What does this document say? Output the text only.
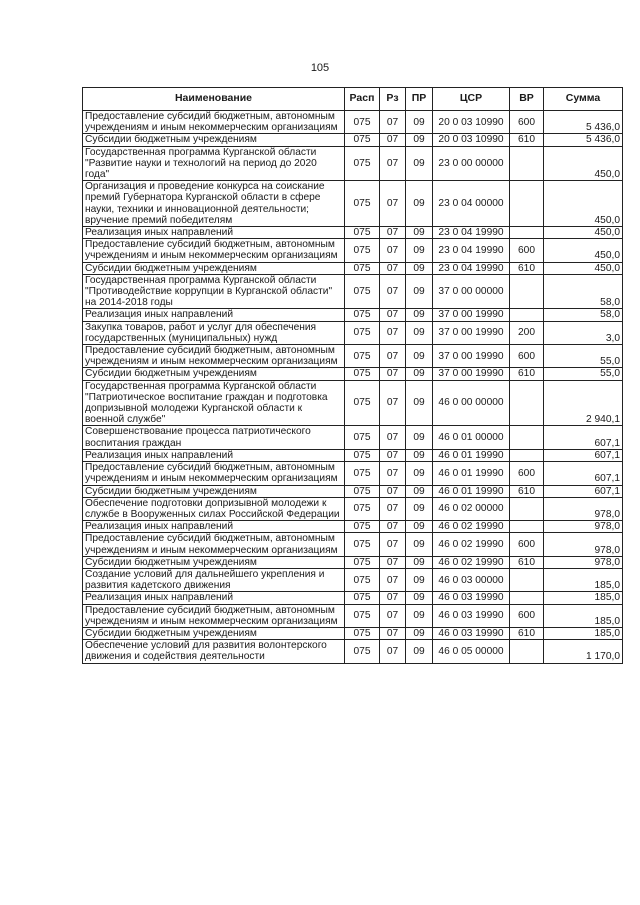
105
Наименование	Расп	Рз	ПР	ЦСР	ВР	Сумма
Предоставление субсидий бюджетным, автономным учреждениям и иным некоммерческим организациям	075	07	09	20 0 03 10990	600	5 436,0
Субсидии бюджетным учреждениям	075	07	09	20 0 03 10990	610	5 436,0
Государственная программа Курганской области "Развитие науки и технологий на период до 2020 года"	075	07	09	23 0 00 00000		450,0
Организация и проведение конкурса на соискание премий Губернатора Курганской области в сфере науки, техники и инновационной деятельности; вручение премий победителям	075	07	09	23 0 04 00000		450,0
Реализация иных направлений	075	07	09	23 0 04 19990		450,0
Предоставление субсидий бюджетным, автономным учреждениям и иным некоммерческим организациям	075	07	09	23 0 04 19990	600	450,0
Субсидии бюджетным учреждениям	075	07	09	23 0 04 19990	610	450,0
Государственная программа Курганской области "Противодействие коррупции в Курганской области" на 2014-2018 годы	075	07	09	37 0 00 00000		58,0
Реализация иных направлений	075	07	09	37 0 00 19990		58,0
Закупка товаров, работ и услуг для обеспечения государственных (муниципальных) нужд	075	07	09	37 0 00 19990	200	3,0
Предоставление субсидий бюджетным, автономным учреждениям и иным некоммерческим организациям	075	07	09	37 0 00 19990	600	55,0
Субсидии бюджетным учреждениям	075	07	09	37 0 00 19990	610	55,0
Государственная программа Курганской области "Патриотическое воспитание граждан и подготовка допризывной молодежи Курганской области к военной службе"	075	07	09	46 0 00 00000		2 940,1
Совершенствование процесса патриотического воспитания граждан	075	07	09	46 0 01 00000		607,1
Реализация иных направлений	075	07	09	46 0 01 19990		607,1
Предоставление субсидий бюджетным, автономным учреждениям и иным некоммерческим организациям	075	07	09	46 0 01 19990	600	607,1
Субсидии бюджетным учреждениям	075	07	09	46 0 01 19990	610	607,1
Обеспечение подготовки допризывной молодежи к службе в Вооруженных силах Российской Федерации	075	07	09	46 0 02 00000		978,0
Реализация иных направлений	075	07	09	46 0 02 19990		978,0
Предоставление субсидий бюджетным, автономным учреждениям и иным некоммерческим организациям	075	07	09	46 0 02 19990	600	978,0
Субсидии бюджетным учреждениям	075	07	09	46 0 02 19990	610	978,0
Создание условий для дальнейшего укрепления и развития кадетского движения	075	07	09	46 0 03 00000		185,0
Реализация иных направлений	075	07	09	46 0 03 19990		185,0
Предоставление субсидий бюджетным, автономным учреждениям и иным некоммерческим организациям	075	07	09	46 0 03 19990	600	185,0
Субсидии бюджетным учреждениям	075	07	09	46 0 03 19990	610	185,0
Обеспечение условий для развития волонтерского движения и содействия деятельности	075	07	09	46 0 05 00000		1 170,0
